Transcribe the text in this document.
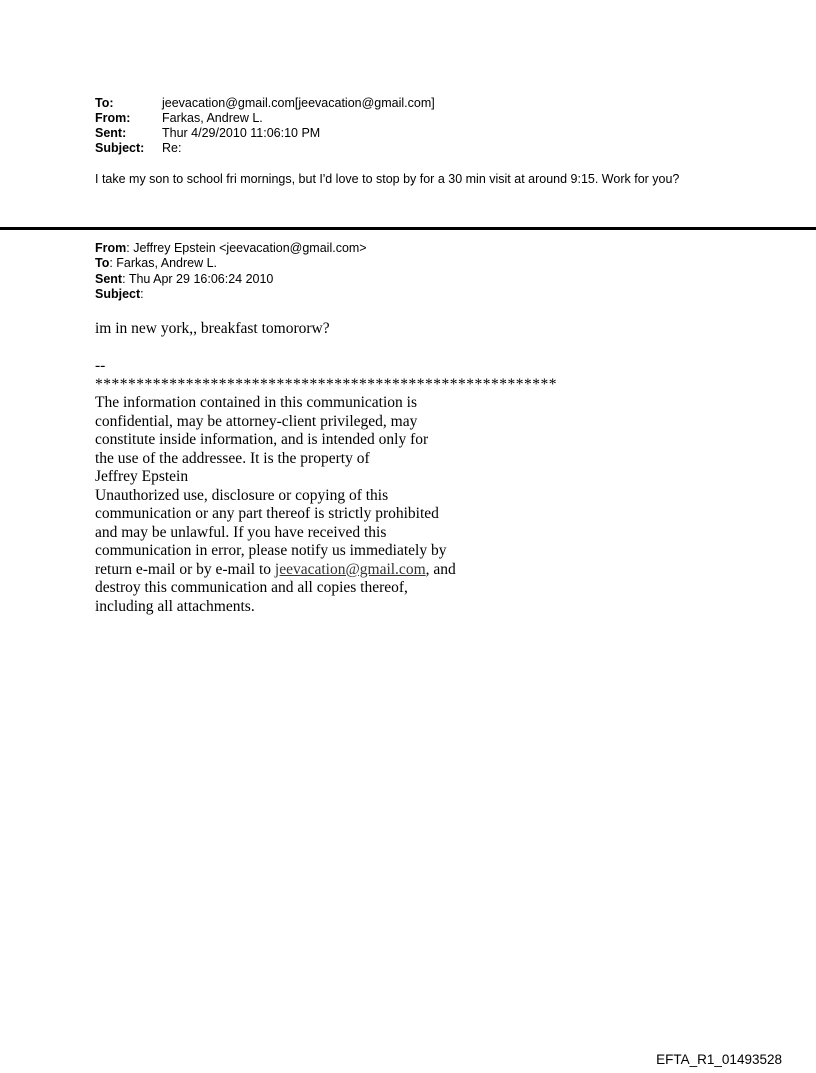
To:	jeevacation@gmail.com[jeevacation@gmail.com]
From:	Farkas, Andrew L.
Sent:	Thur 4/29/2010 11:06:10 PM
Subject:	Re:
I take my son to school fri mornings, but I'd love to stop by for a 30 min visit at around 9:15. Work for you?
From: Jeffrey Epstein <jeevacation@gmail.com>
To: Farkas, Andrew L.
Sent: Thu Apr 29 16:06:24 2010
Subject:
im in new york,, breakfast tomororw?
--
********************************************************
The information contained in this communication is
confidential, may be attorney-client privileged, may
constitute inside information, and is intended only for
the use of the addressee. It is the property of
Jeffrey Epstein
Unauthorized use, disclosure or copying of this
communication or any part thereof is strictly prohibited
and may be unlawful. If you have received this
communication in error, please notify us immediately by
return e-mail or by e-mail to jeevacation@gmail.com, and
destroy this communication and all copies thereof,
including all attachments.
EFTA_R1_01493528
